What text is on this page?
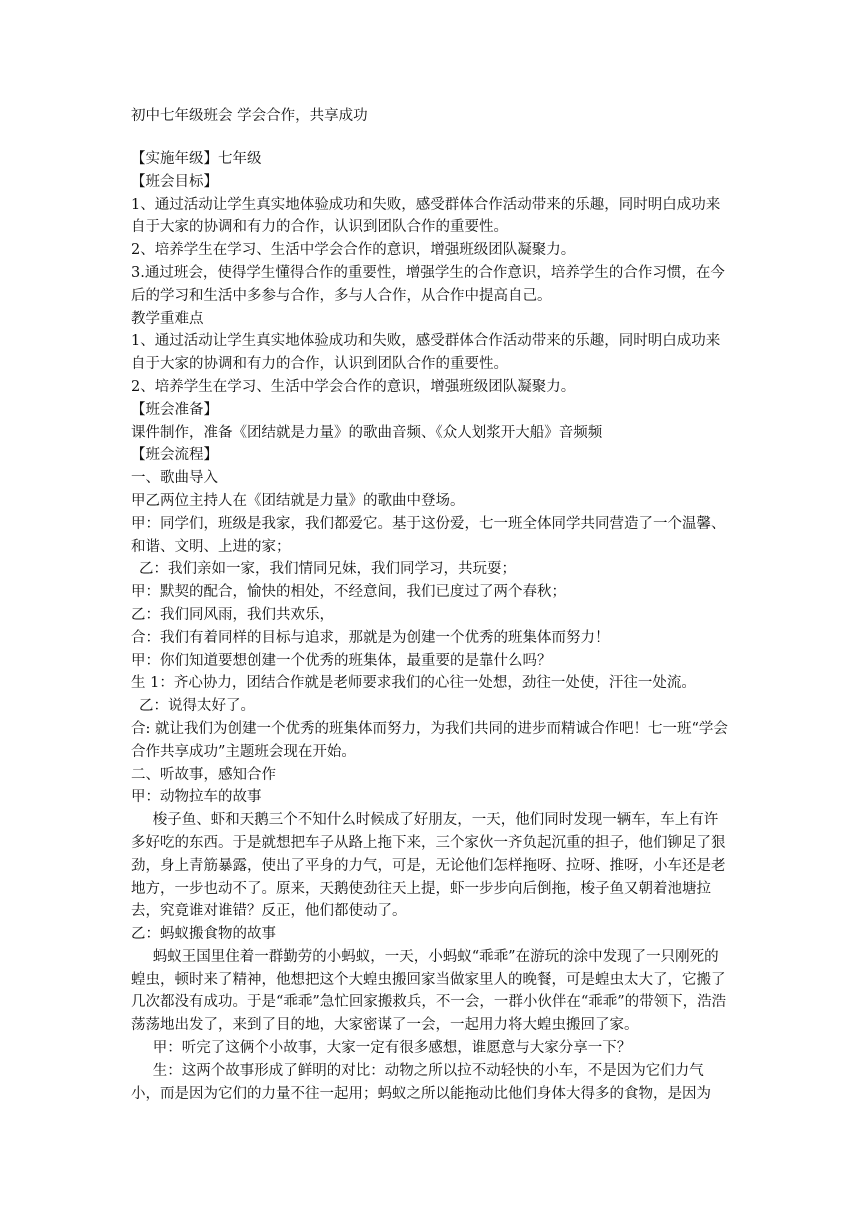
初中七年级班会 学会合作，共享成功

【实施年级】七年级

【班会目标】

1、通过活动让学生真实地体验成功和失败，感受群体合作活动带来的乐趣，同时明白成功来自于大家的协调和有力的合作，认识到团队合作的重要性。

2、培养学生在学习、生活中学会合作的意识，增强班级团队凝聚力。

3.通过班会，使得学生懂得合作的重要性，增强学生的合作意识，培养学生的合作习惯，在今后的学习和生活中多参与合作，多与人合作，从合作中提高自己。

教学重难点

1、通过活动让学生真实地体验成功和失败，感受群体合作活动带来的乐趣，同时明白成功来自于大家的协调和有力的合作，认识到团队合作的重要性。

2、培养学生在学习、生活中学会合作的意识，增强班级团队凝聚力。

【班会准备】

课件制作，准备《团结就是力量》的歌曲音频、《众人划浆开大船》音频频

【班会流程】

一、歌曲导入

甲乙两位主持人在《团结就是力量》的歌曲中登场。

甲：同学们，班级是我家，我们都爱它。基于这份爱，七一班全体同学共同营造了一个温馨、和谐、文明、上进的家；

乙：我们亲如一家，我们情同兄妹，我们同学习，共玩耍；

甲：默契的配合，愉快的相处，不经意间，我们已度过了两个春秋；

乙：我们同风雨，我们共欢乐，

合：我们有着同样的目标与追求，那就是为创建一个优秀的班集体而努力！

甲：你们知道要想创建一个优秀的班集体，最重要的是靠什么吗？

生 1：齐心协力，团结合作就是老师要求我们的心往一处想，劲往一处使，汗往一处流。

乙：说得太好了。

合: 就让我们为创建一个优秀的班集体而努力，为我们共同的进步而精诚合作吧！七一班“学会合作共享成功”主题班会现在开始。

二、听故事，感知合作

甲：动物拉车的故事

梭子鱼、虾和天鹅三个不知什么时候成了好朋友，一天，他们同时发现一辆车，车上有许多好吃的东西。于是就想把车子从路上拖下来，三个家伙一齐负起沉重的担子，他们铆足了狠劲，身上青筋暴露，使出了平身的力气，可是，无论他们怎样拖呀、拉呀、推呀，小车还是老地方，一步也动不了。原来，天鹅使劲往天上提，虾一步步向后倒拖，梭子鱼又朝着池塘拉去，究竟谁对谁错？反正，他们都使动了。

乙：蚂蚁搬食物的故事

蚂蚁王国里住着一群勤劳的小蚂蚁，一天，小蚂蚁“乖乖”在游玩的涂中发现了一只刚死的蝗虫，顿时来了精神，他想把这个大蝗虫搬回家当做家里人的晚餐，可是蝗虫太大了，它搬了几次都没有成功。于是“乖乖”急忙回家搬救兵，不一会，一群小伙伴在“乖乖”的带领下，浩浩荡荡地出发了，来到了目的地，大家密谋了一会，一起用力将大蝗虫搬回了家。

甲：听完了这俩个小故事，大家一定有很多感想，谁愿意与大家分享一下？

生：这两个故事形成了鲜明的对比：动物之所以拉不动轻快的小车，不是因为它们力气小，而是因为它们的力量不往一起用；蚂蚁之所以能拖动比他们身体大得多的食物，是因为
